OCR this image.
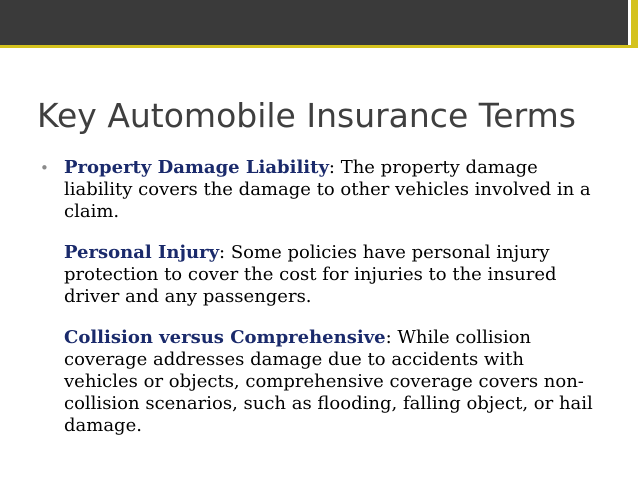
Key Automobile Insurance Terms
• Property Damage Liability: The property damage liability covers the damage to other vehicles involved in a claim.

Personal Injury: Some policies have personal injury protection to cover the cost for injuries to the insured driver and any passengers.

Collision versus Comprehensive: While collision coverage addresses damage due to accidents with vehicles or objects, comprehensive coverage covers non-collision scenarios, such as flooding, falling object, or hail damage.
